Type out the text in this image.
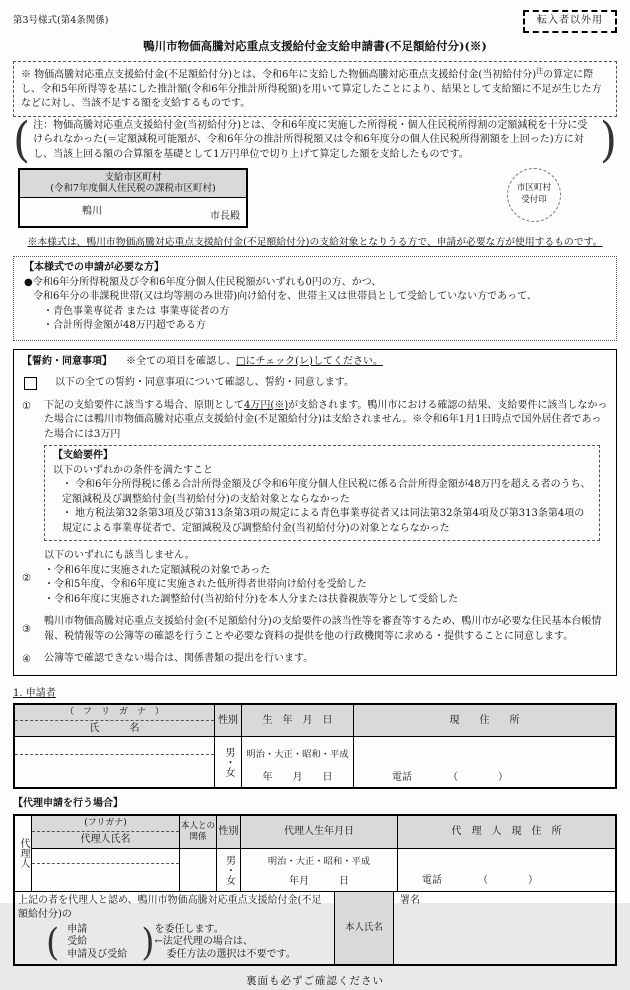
第3号様式(第4条関係)	転入者以外用
鴨川市物価高騰対応重点支援給付金支給申請書(不足額給付分)(※)
※ 物価高騰対応重点支援給付金(不足額給付分)とは、令和6年に支給した物価高騰対応重点支援給付金(当初給付分)$^注$の算定に際し、令和5年所得等を基にした推計額(令和6年分推計所得税額)を用いて算定したことにより、結果として支給額に不足が生じた方などに対し、当該不足する額を支給するものです。
( 注：物価高騰対応重点支援給付金(当初給付分)とは、令和6年度に実施した所得税・個人住民税所得割の定額減税を十分に受けられなかった(＝定額減税可能額が、令和6年分の推計所得税額又は令和6年度分の個人住民税所得割額を上回った)方に対し、当該上回る額の合算額を基礎として1万円単位で切り上げて算定した額を支給したものです。	)
支給市区町村
(令和7年度個人住民税の課税市区町村)
鴨川	市長殿
市区町村
受付印
※本様式は、鴨川市物価高騰対応重点支援給付金(不足額給付分)の支給対象となりうる方で、申請が必要な方が使用するものです。
【本様式での申請が必要な方】
●令和6年分所得税額及び令和6年度分個人住民税額がいずれも0円の方、かつ、
令和6年分の非課税世帯(又は均等割のみ世帯)向け給付を、世帯主又は世帯員として受給していない方であって、
・青色事業専従者 または 事業専従者の方
・合計所得金額が48万円超である方
【誓約・同意事項】 ※全ての項目を確認し、□にチェック(レ)してください。
以下の全ての誓約・同意事項について確認し、誓約・同意します。
①	下記の支給要件に該当する場合、原則として4万円(※)が支給されます。鴨川市における確認の結果、支給要件に該当しなかった場合には鴨川市物価高騰対応重点支援給付金(不足額給付分)は支給されません。※令和6年1月1日時点で国外居住者であった場合には3万円
【支給要件】
以下のいずれかの条件を満たすこと
・ 令和6年分所得税に係る合計所得金額及び令和6年度分個人住民税に係る合計所得金額が48万円を超える者のうち、定額減税及び調整給付金(当初給付分)の支給対象とならなかった
・ 地方税法第32条第3項及び第313条第3項の規定による青色事業専従者又は同法第32条第4項及び第313条第4項の規定による事業専従者で、定額減税及び調整給付金(当初給付分)の対象とならなかった
②
以下のいずれにも該当しません。
・令和6年度に実施された定額減税の対象であった
・令和5年度、令和6年度に実施された低所得者世帯向け給付を受給した
・令和6年度に実施された調整給付(当初給付分)を本人分または扶養親族等分として受給した
③
鴨川市物価高騰対応重点支援給付金(不足額給付分)の支給要件の該当性等を審査等するため、鴨川市が必要な住民基本台帳情報、税情報等の公簿等の確認を行うことや必要な資料の提供を他の行政機関等に求める・提供することに同意します。
④	公簿等で確認できない場合は、関係書類の提出を行います。
1. 申請者
（　フ　リ　ガ　ナ　）
氏　　　名
性別	生　年　月　日	現　　住　　所
男・女	明治・大正・昭和・平成
年　　月　　日	電話	（　　　　）
【代理申請を行う場合】
代理人
(フリガナ)
代理人氏名
本人との関係
性別	代理人生年月日	代　理　人　現　住　所
男・女	明治・大正・昭和・平成
年月　　　日	電話	（　　　　）
上記の者を代理人と認め、鴨川市物価高騰対応重点支援給付金(不足額給付分)の
( 申請
受給
申請及び受給 ) を委任します。
←法定代理の場合は、
委任方法の選択は不要です。
本人氏名
署名
裏面も必ずご確認ください
